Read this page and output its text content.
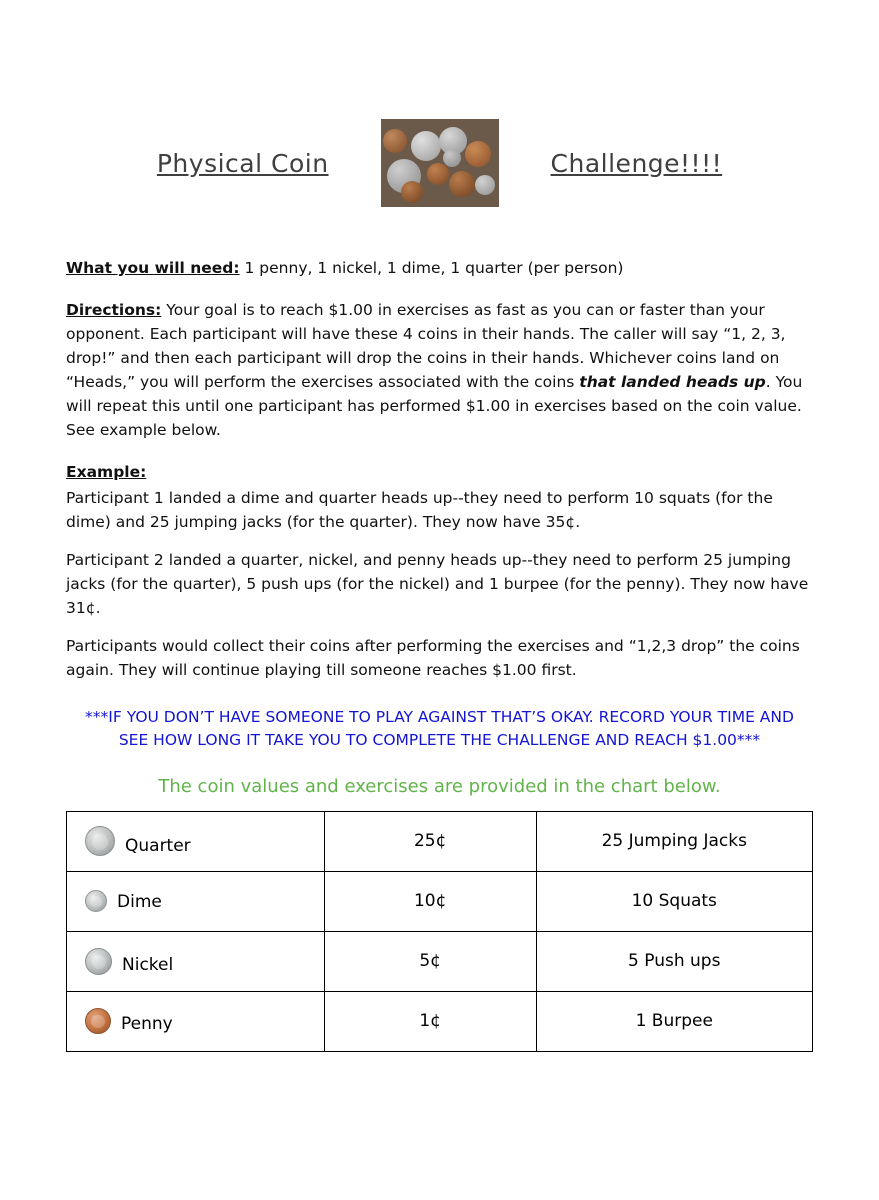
Physical Coin	Challenge!!!!

What you will need: 1 penny, 1 nickel, 1 dime, 1 quarter (per person)

Directions: Your goal is to reach $1.00 in exercises as fast as you can or faster than your opponent. Each participant will have these 4 coins in their hands. The caller will say “1, 2, 3, drop!” and then each participant will drop the coins in their hands. Whichever coins land on “Heads,” you will perform the exercises associated with the coins that landed heads up. You will repeat this until one participant has performed $1.00 in exercises based on the coin value. See example below.

Example:

Participant 1 landed a dime and quarter heads up--they need to perform 10 squats (for the dime) and 25 jumping jacks (for the quarter). They now have 35¢.

Participant 2 landed a quarter, nickel, and penny heads up--they need to perform 25 jumping jacks (for the quarter), 5 push ups (for the nickel) and 1 burpee (for the penny). They now have 31¢.

Participants would collect their coins after performing the exercises and “1,2,3 drop” the coins again. They will continue playing till someone reaches $1.00 first.

***IF YOU DON’T HAVE SOMEONE TO PLAY AGAINST THAT’S OKAY. RECORD YOUR TIME AND SEE HOW LONG IT TAKE YOU TO COMPLETE THE CHALLENGE AND REACH $1.00***

The coin values and exercises are provided in the chart below.

Quarter	25¢	25 Jumping Jacks

Dime	10¢	10 Squats

Nickel	5¢	5 Push ups

Penny	1¢	1 Burpee
